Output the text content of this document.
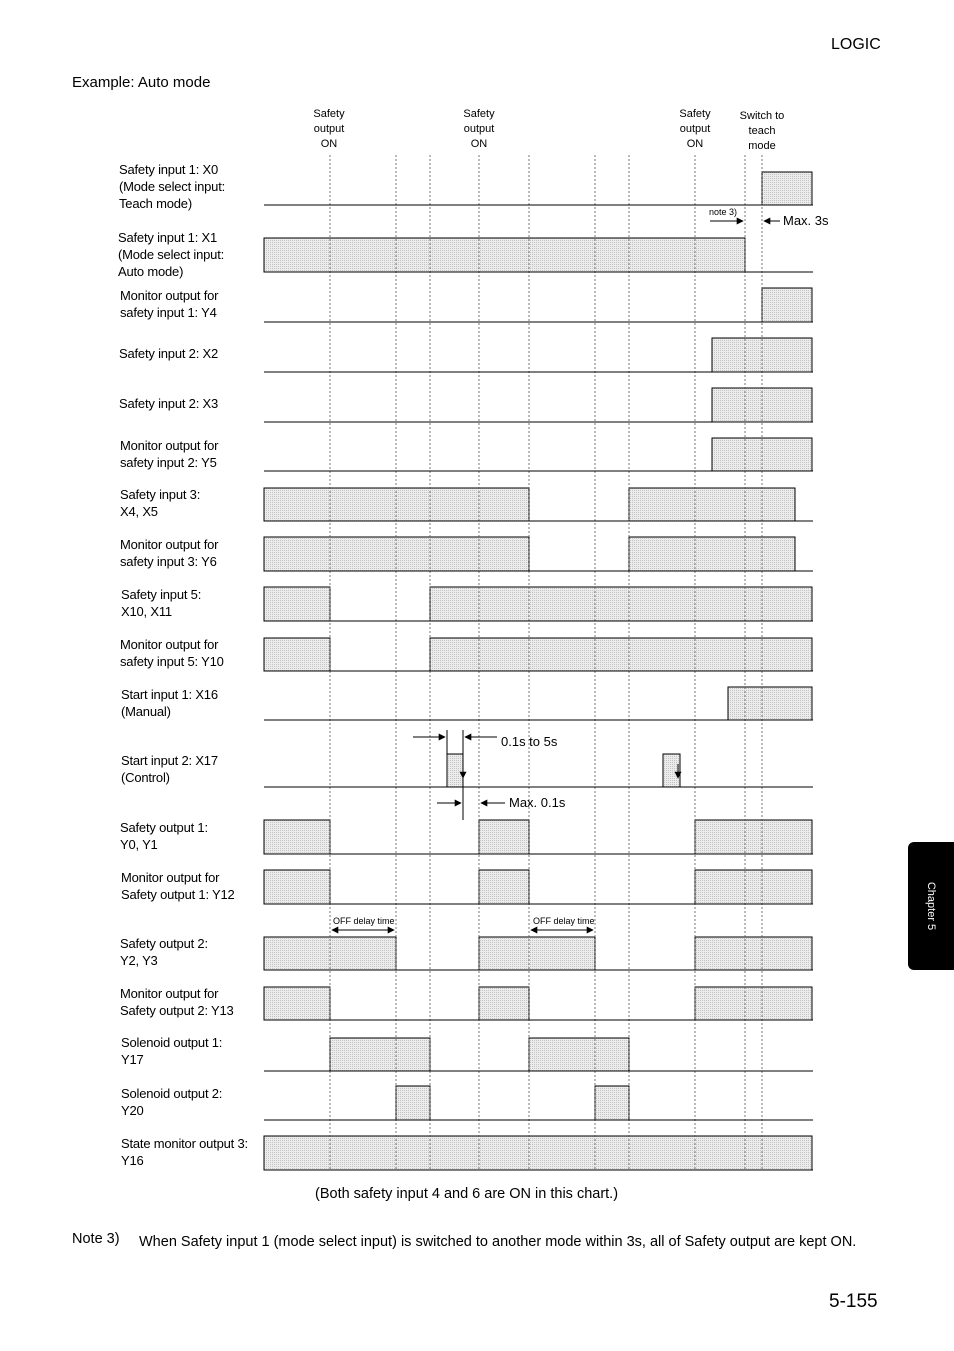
LOGIC
Example: Auto mode
Safety
output
ON
Safety
output
ON
Safety
output
ON
Switch to
teach
mode
note 3)
Max. 3s
0.1s to 5s
Max. 0.1s
OFF delay time	OFF delay time
Safety input 1: X0
(Mode select input:
Teach mode)
Safety input 1: X1
(Mode select input:
Auto mode)
Monitor output for
safety input 1: Y4
Safety input 2: X2
Safety input 2: X3
Monitor output for
safety input 2: Y5
Safety input 3:
X4, X5
Monitor output for
safety input 3: Y6
Safety input 5:
X10, X11
Monitor output for
safety input 5: Y10
Start input 1: X16
(Manual)
Start input 2: X17
(Control)
Safety output 1:
Y0, Y1
Monitor output for
Safety output 1: Y12
Safety output 2:
Y2, Y3
Monitor output for
Safety output 2: Y13
Solenoid output 1:
Y17
Solenoid output 2:
Y20
State monitor output 3:
Y16
(Both safety input 4 and 6 are ON in this chart.)
Note 3) When Safety input 1 (mode select input) is switched to another mode within 3s, all of Safety output are kept ON.
5-155
Chapter 5
